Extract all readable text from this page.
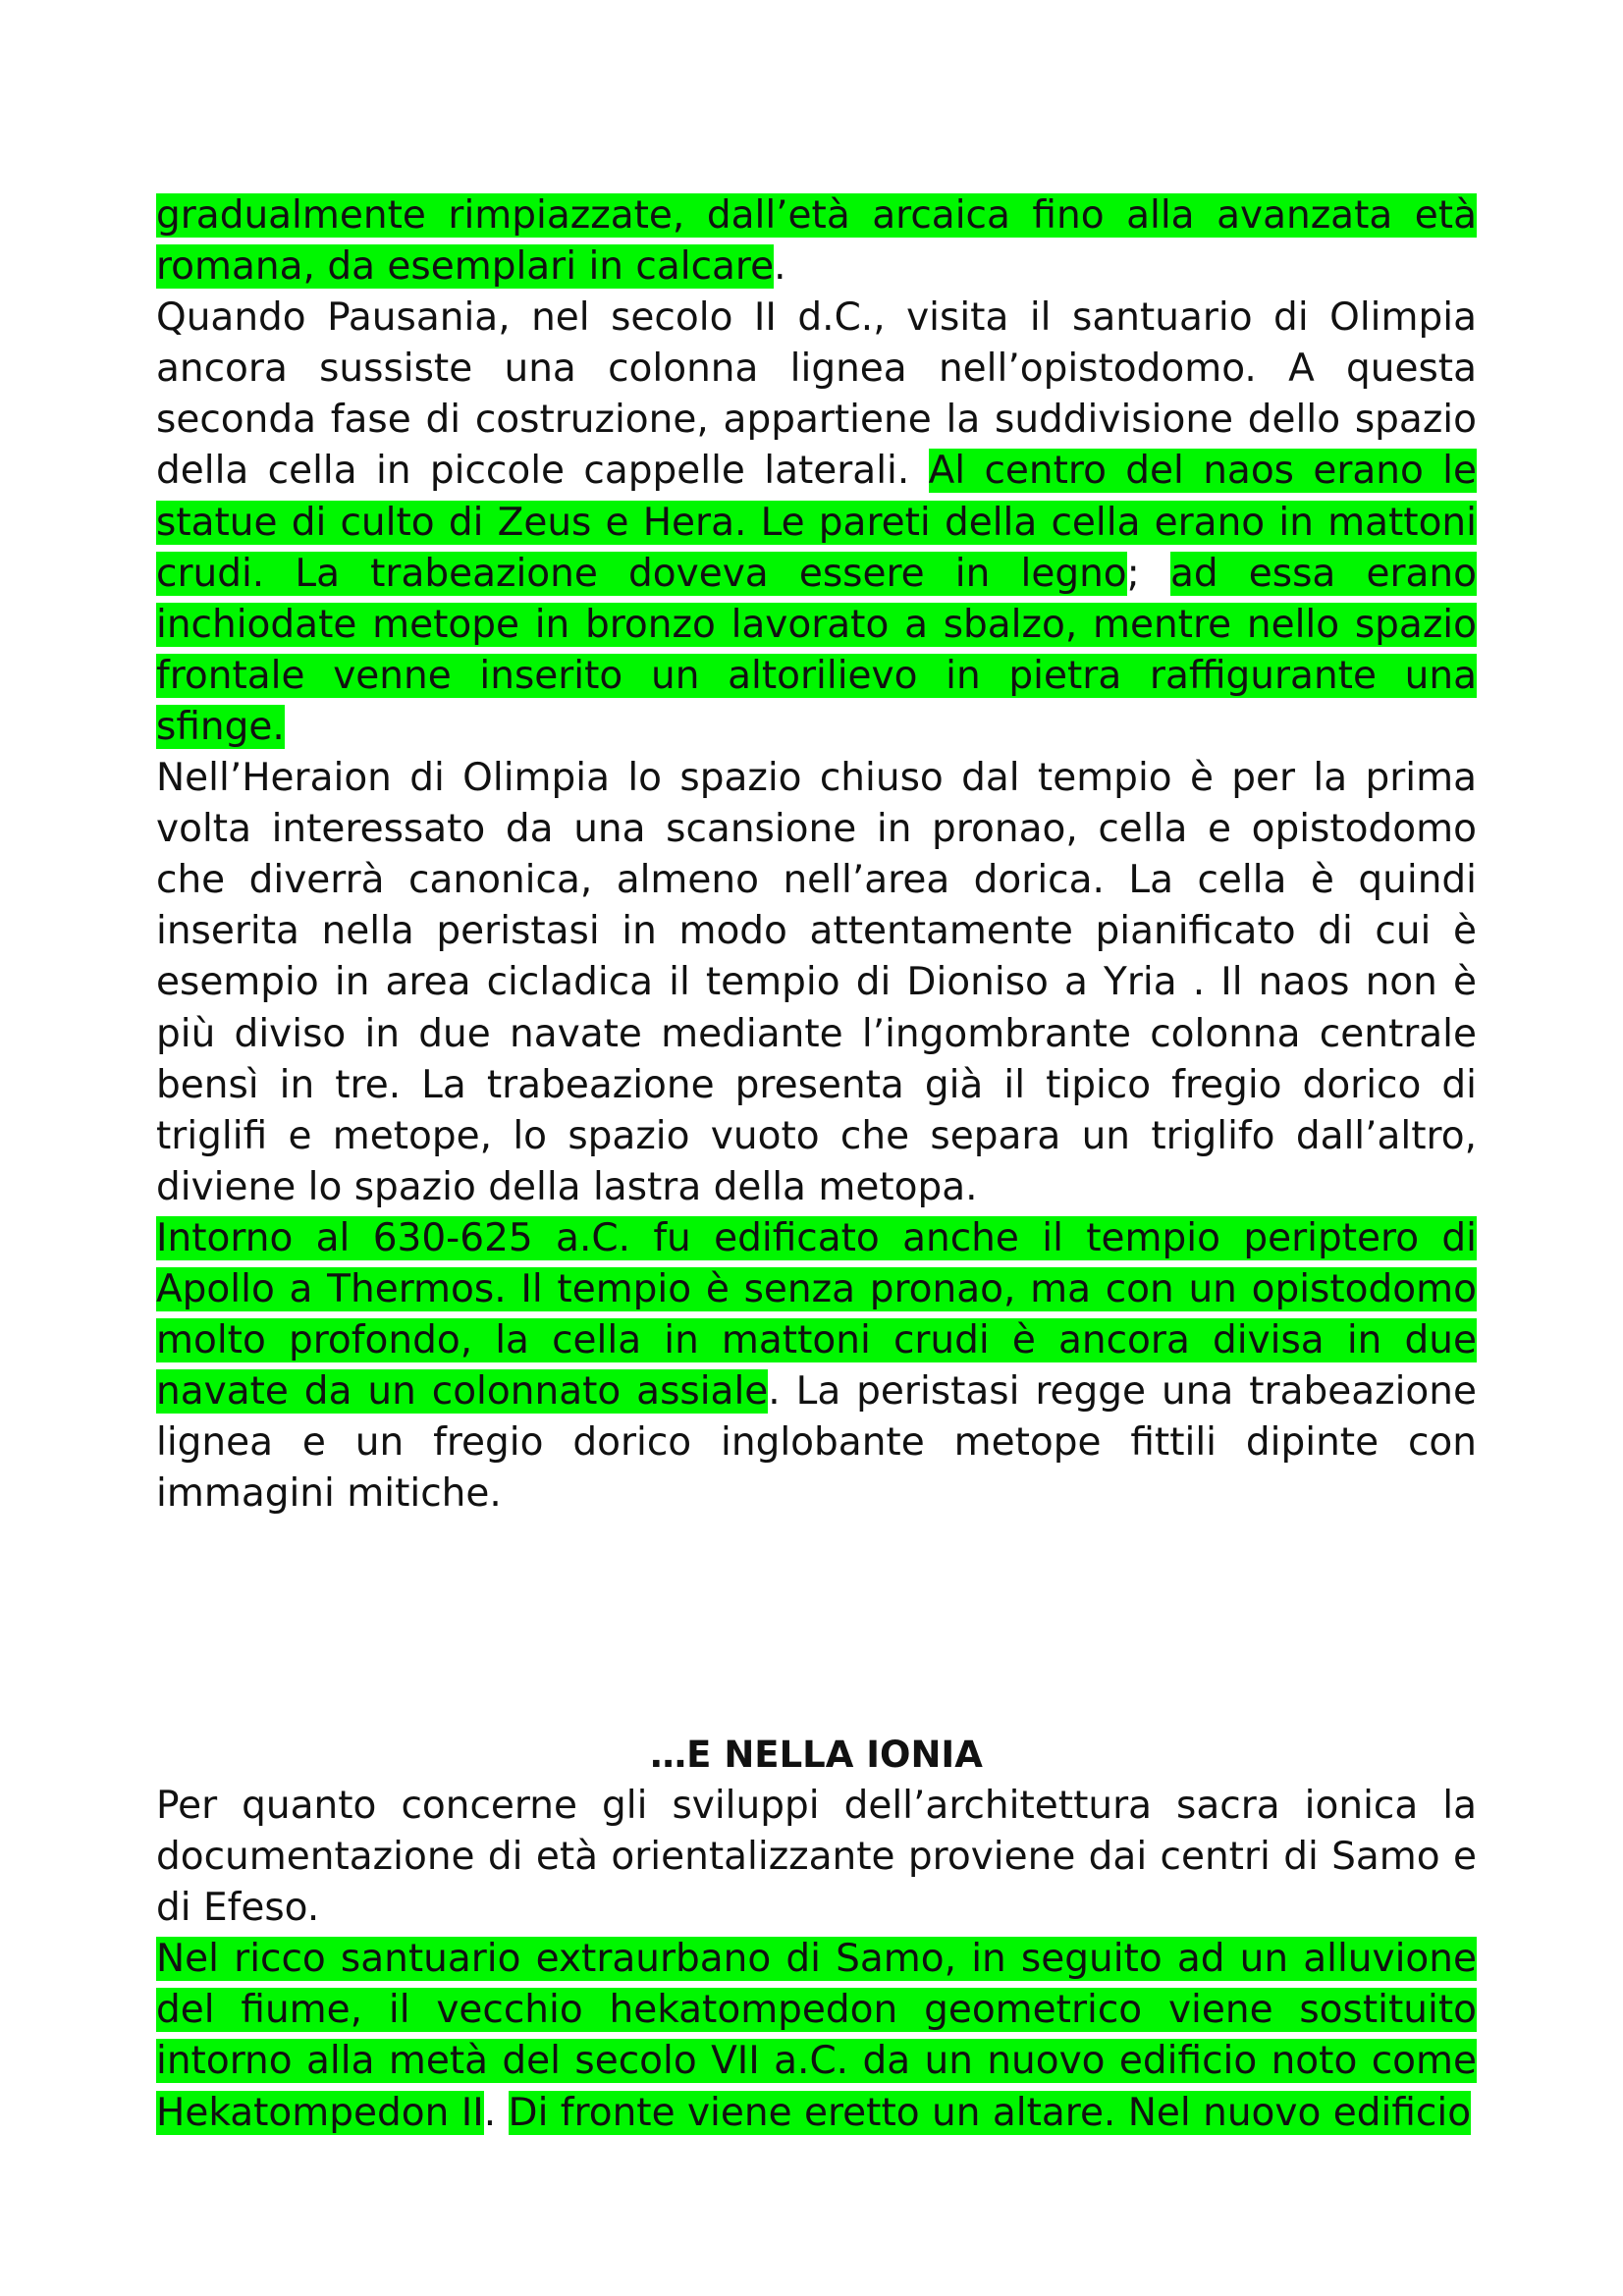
gradualmente rimpiazzate, dall’età arcaica fino alla avanzata età romana, da esemplari in calcare.

Quando Pausania, nel secolo II d.C., visita il santuario di Olimpia ancora sussiste una colonna lignea nell’opistodomo. A questa seconda fase di costruzione, appartiene la suddivisione dello spazio della cella in piccole cappelle laterali. Al centro del naos erano le statue di culto di Zeus e Hera. Le pareti della cella erano in mattoni crudi. La trabeazione doveva essere in legno; ad essa erano inchiodate metope in bronzo lavorato a sbalzo, mentre nello spazio frontale venne inserito un altorilievo in pietra raffigurante una sfinge.

Nell’Heraion di Olimpia lo spazio chiuso dal tempio è per la prima volta interessato da una scansione in pronao, cella e opistodomo che diverrà canonica, almeno nell’area dorica. La cella è quindi inserita nella peristasi in modo attentamente pianificato di cui è esempio in area cicladica il tempio di Dioniso a Yria . Il naos non è più diviso in due navate mediante l’ingombrante colonna centrale bensì in tre. La trabeazione presenta già il tipico fregio dorico di triglifi e metope, lo spazio vuoto che separa un triglifo dall’altro, diviene lo spazio della lastra della metopa.

Intorno al 630-625 a.C. fu edificato anche il tempio periptero di Apollo a Thermos. Il tempio è senza pronao, ma con un opistodomo molto profondo, la cella in mattoni crudi è ancora divisa in due navate da un colonnato assiale. La peristasi regge una trabeazione lignea e un fregio dorico inglobante metope fittili dipinte con immagini mitiche.

…E NELLA IONIA

Per quanto concerne gli sviluppi dell’architettura sacra ionica la documentazione di età orientalizzante proviene dai centri di Samo e di Efeso.

Nel ricco santuario extraurbano di Samo, in seguito ad un alluvione del fiume, il vecchio hekatompedon geometrico viene sostituito intorno alla metà del secolo VII a.C. da un nuovo edificio noto come Hekatompedon II. Di fronte viene eretto un altare. Nel nuovo edificio
